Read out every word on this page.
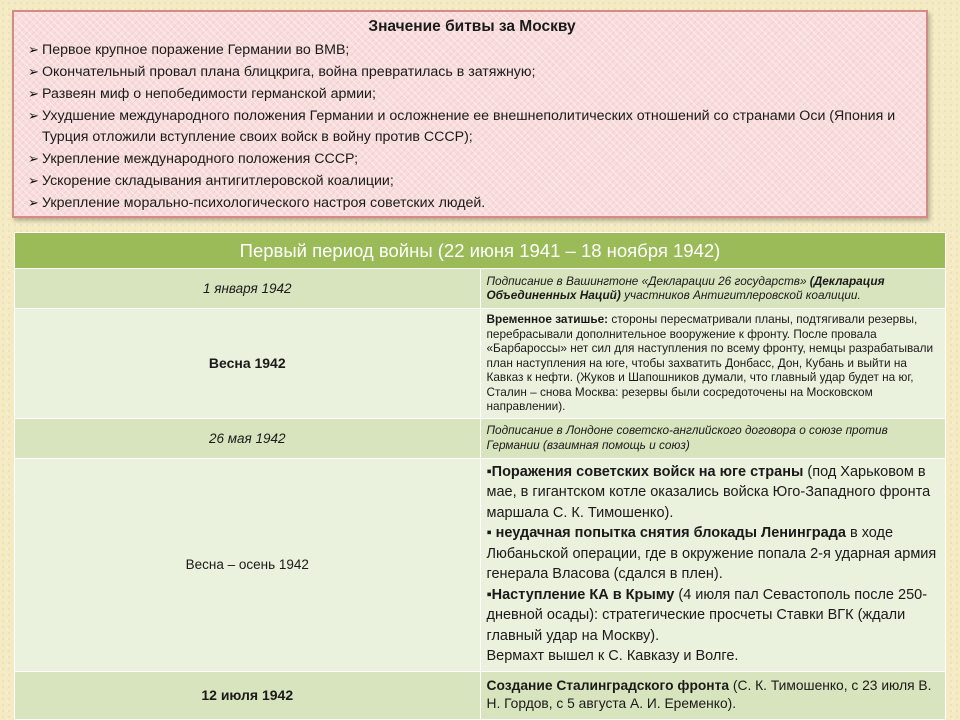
Значение битвы за Москву
➢ Первое крупное поражение Германии во ВМВ;
➢ Окончательный провал плана блицкрига, война превратилась в затяжную;
➢ Развеян миф о непобедимости германской армии;
➢ Ухудшение международного положения Германии и осложнение ее внешнеполитических отношений со странами Оси (Япония и Турция отложили вступление своих войск в войну против СССР);
➢ Укрепление международного положения СССР;
➢ Ускорение складывания антигитлеровской коалиции;
➢ Укрепление морально-психологического настроя советских людей.
Первый период войны (22 июня 1941 – 18 ноября 1942)	
1 января 1942	Подписание в Вашингтоне «Декларации 26 государств» (Декларация Объединенных Наций) участников Антигитлеровской коалиции.
Весна 1942	Временное затишье: стороны пересматривали планы, подтягивали резервы, перебрасывали дополнительное вооружение к фронту. После провала «Барбароссы» нет сил для наступления по всему фронту, немцы разрабатывали план наступления на юге, чтобы захватить Донбасс, Дон, Кубань и выйти на Кавказ к нефти. (Жуков и Шапошников думали, что главный удар будет на юг, Сталин – снова Москва: резервы были сосредоточены на Московском направлении).
26 мая 1942	Подписание в Лондоне советско-английского договора о союзе против Германии (взаимная помощь и союз)
Весна – осень 1942	▪Поражения советских войск на юге страны (под Харьковом в мае, в гигантском котле оказались войска Юго-Западного фронта маршала С. К. Тимошенко).
▪ неудачная попытка снятия блокады Ленинграда в ходе Любаньской операции, где в окружение попала 2-я ударная армия генерала Власова (сдался в плен).
▪Наступление КА в Крыму (4 июля пал Севастополь после 250-дневной осады): стратегические просчеты Ставки ВГК (ждали главный удар на Москву).
Вермахт вышел к С. Кавказу и Волге.

12 июля 1942	Создание Сталинградского фронта (С. К. Тимошенко, с 23 июля В. Н. Гордов, с 5 августа А. И. Еременко).
